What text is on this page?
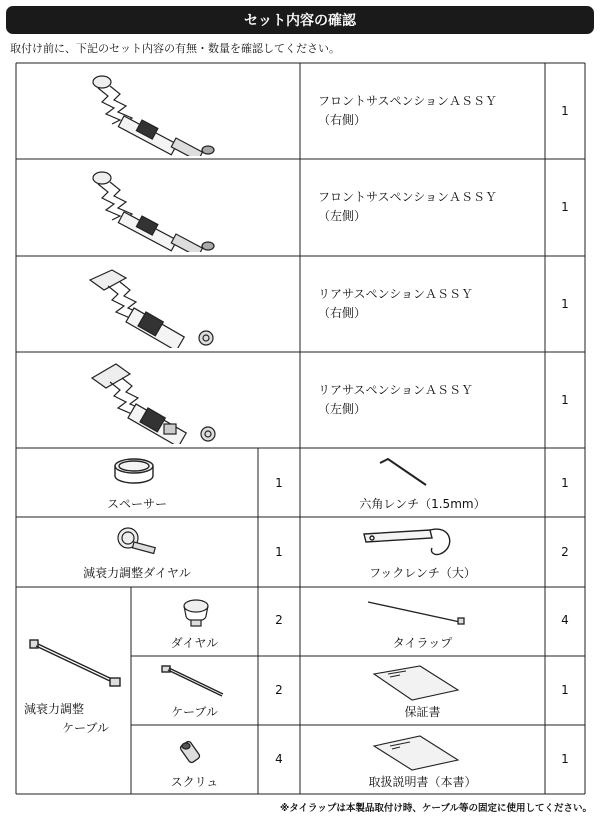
セット内容の確認
取付け前に、下記のセット内容の有無・数量を確認してください。
フロントサスペンションＡＳＳＹ
（右側）
1
フロントサスペンションＡＳＳＹ
（左側）
1
リアサスペンションＡＳＳＹ
（右側）
1
リアサスペンションＡＳＳＹ
（左側）
1
スペーサー
1
六角レンチ（1.5mm）
1
減衰力調整ダイヤル
1
フックレンチ（大）
2
減衰力調整
ケーブル
ダイヤル
2
タイラップ
4
ケーブル
2
保証書
1
スクリュ
4
取扱説明書（本書）
1
※タイラップは本製品取付け時、ケーブル等の固定に使用してください。
